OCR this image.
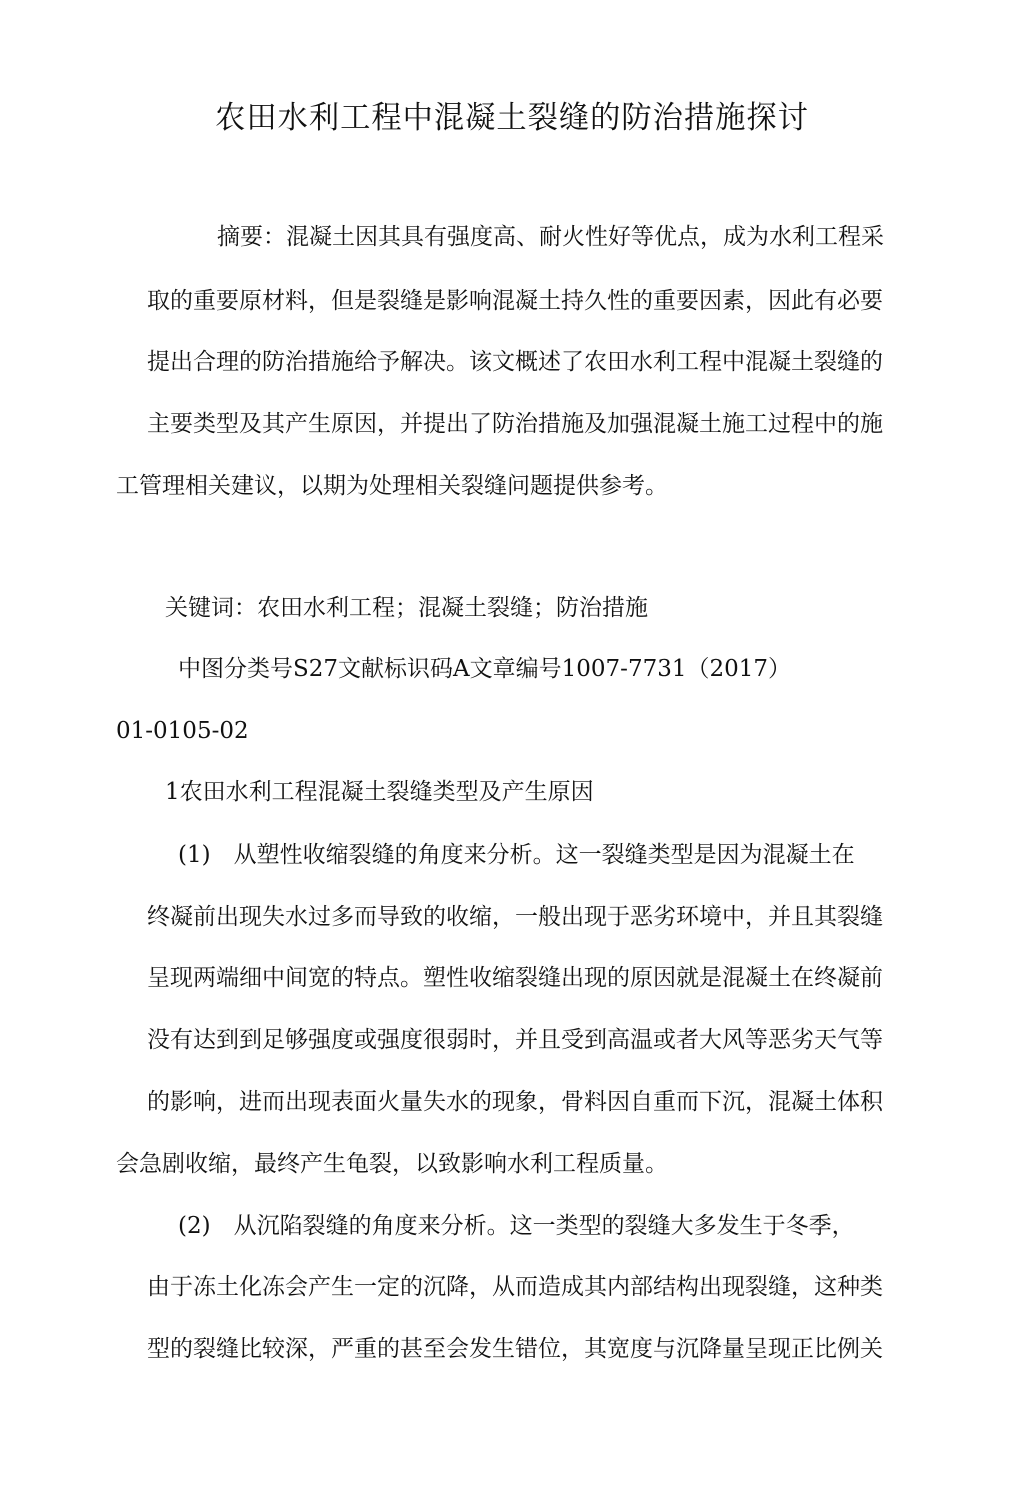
农田水利工程中混凝土裂缝的防治措施探讨
摘要：混凝土因其具有强度高、耐火性好等优点，成为水利工程采
取的重要原材料，但是裂缝是影响混凝土持久性的重要因素，因此有必要
提出合理的防治措施给予解决。该文概述了农田水利工程中混凝土裂缝的
主要类型及其产生原因，并提出了防治措施及加强混凝土施工过程中的施
工管理相关建议，以期为处理相关裂缝问题提供参考。
关键词：农田水利工程；混凝土裂缝；防治措施
中图分类号S27文献标识码A文章编号1007-7731（2017）
01-0105-02
1农田水利工程混凝土裂缝类型及产生原因
(1)　从塑性收缩裂缝的角度来分析。这一裂缝类型是因为混凝土在
终凝前出现失水过多而导致的收缩，一般出现于恶劣环境中，并且其裂缝
呈现两端细中间宽的特点。塑性收缩裂缝出现的原因就是混凝土在终凝前
没有达到到足够强度或强度很弱时，并且受到高温或者大风等恶劣天气等
的影响，进而出现表面火量失水的现象，骨料因自重而下沉，混凝土体积
会急剧收缩，最终产生龟裂，以致影响水利工程质量。
(2)　从沉陷裂缝的角度来分析。这一类型的裂缝大多发生于冬季，
由于冻土化冻会产生一定的沉降，从而造成其内部结构出现裂缝，这种类
型的裂缝比较深，严重的甚至会发生错位，其宽度与沉降量呈现正比例关
